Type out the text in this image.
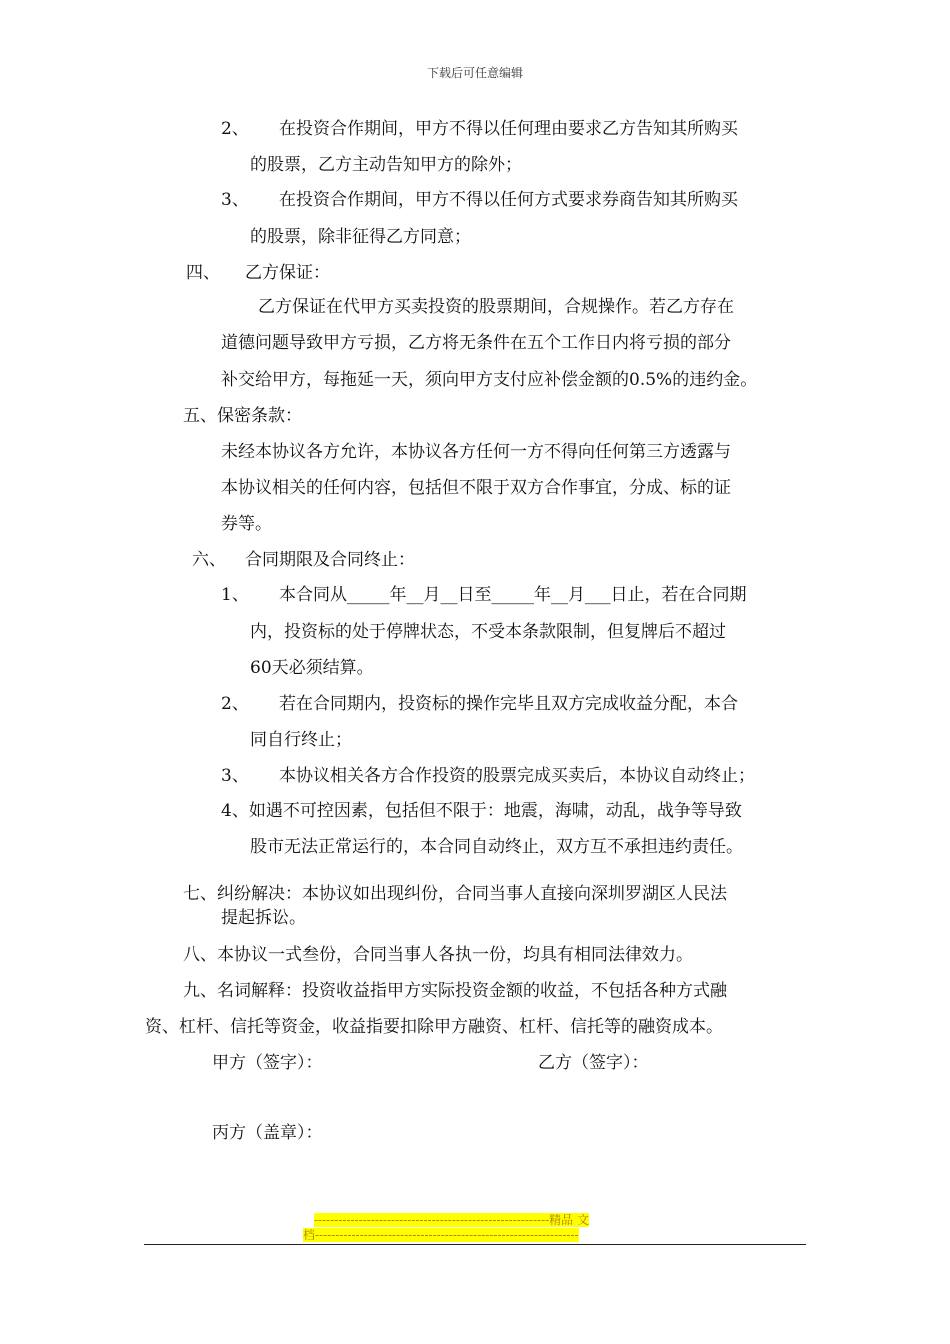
下载后可任意编辑
2、 在投资合作期间，甲方不得以任何理由要求乙方告知其所购买
的股票，乙方主动告知甲方的除外；
3、 在投资合作期间，甲方不得以任何方式要求券商告知其所购买
的股票，除非征得乙方同意；
四、 乙方保证：
乙方保证在代甲方买卖投资的股票期间，合规操作。若乙方存在
道德问题导致甲方亏损，乙方将无条件在五个工作日内将亏损的部分
补交给甲方，每拖延一天，须向甲方支付应补偿金额的0.5%的违约金。
五、保密条款：
未经本协议各方允许，本协议各方任何一方不得向任何第三方透露与
本协议相关的任何内容，包括但不限于双方合作事宜，分成、标的证
券等。
六、 合同期限及合同终止：
1、 本合同从_____年__月__日至_____年__月___日止，若在合同期
内，投资标的处于停牌状态，不受本条款限制，但复牌后不超过
60天必须结算。
2、 若在合同期内，投资标的操作完毕且双方完成收益分配，本合
同自行终止；
3、 本协议相关各方合作投资的股票完成买卖后，本协议自动终止；
4、如遇不可控因素，包括但不限于：地震，海啸，动乱，战争等导致
股市无法正常运行的，本合同自动终止，双方互不承担违约责任。
七、纠纷解决：本协议如出现纠份，合同当事人直接向深圳罗湖区人民法
提起拆讼。
八、本协议一式叁份，合同当事人各执一份，均具有相同法律效力。
九、名词解释：投资收益指甲方实际投资金额的收益，不包括各种方式融
资、杠杆、信托等资金，收益指要扣除甲方融资、杠杆、信托等的融资成本。
甲方（签字）：	乙方（签字）：
丙方（盖章）：
----------------------------------------------------------精品 文
档-----------------------------------------------------------------
